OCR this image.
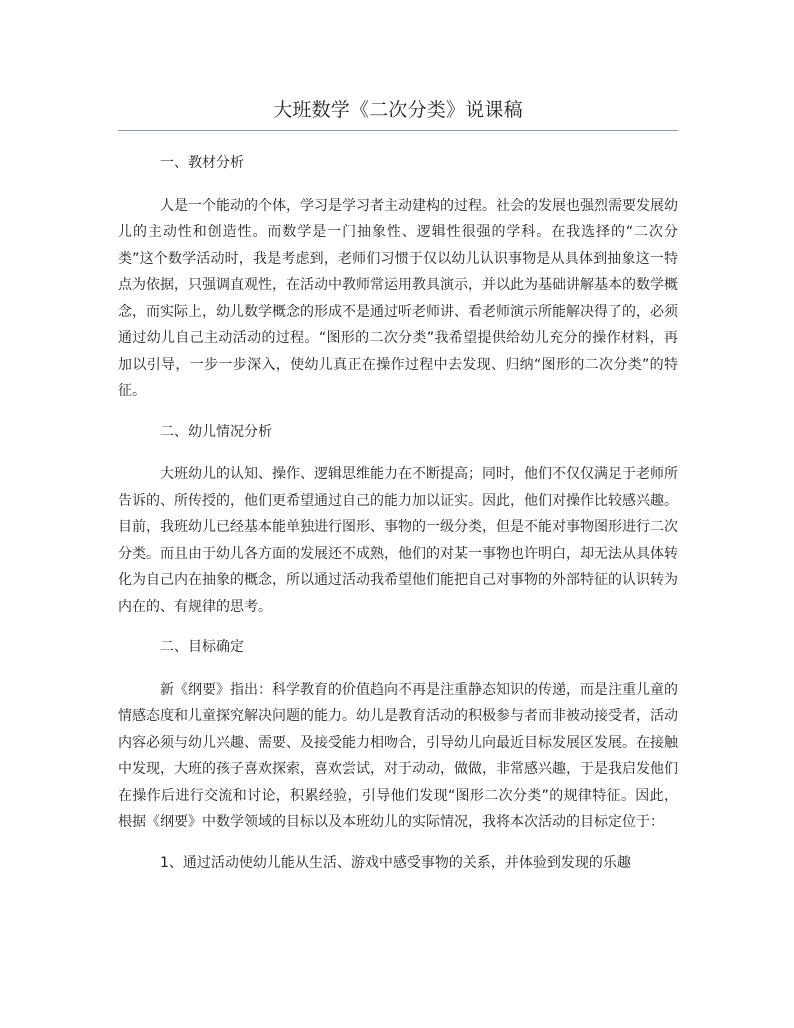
大班数学《二次分类》说课稿

一、教材分析

人是一个能动的个体，学习是学习者主动建构的过程。社会的发展也强烈需要发展幼儿的主动性和创造性。而数学是一门抽象性、逻辑性很强的学科。在我选择的“二次分类”这个数学活动时，我是考虑到，老师们习惯于仅以幼儿认识事物是从具体到抽象这一特点为依据，只强调直观性，在活动中教师常运用教具演示，并以此为基础讲解基本的数学概念，而实际上，幼儿数学概念的形成不是通过听老师讲、看老师演示所能解决得了的，必须通过幼儿自己主动活动的过程。“图形的二次分类”我希望提供给幼儿充分的操作材料，再加以引导，一步一步深入，使幼儿真正在操作过程中去发现、归纳“图形的二次分类”的特征。

二、幼儿情况分析

大班幼儿的认知、操作、逻辑思维能力在不断提高；同时，他们不仅仅满足于老师所告诉的、所传授的，他们更希望通过自己的能力加以证实。因此，他们对操作比较感兴趣。目前，我班幼儿已经基本能单独进行图形、事物的一级分类，但是不能对事物图形进行二次分类。而且由于幼儿各方面的发展还不成熟，他们的对某一事物也许明白，却无法从具体转化为自己内在抽象的概念，所以通过活动我希望他们能把自己对事物的外部特征的认识转为内在的、有规律的思考。

二、目标确定

新《纲要》指出：科学教育的价值趋向不再是注重静态知识的传递，而是注重儿童的情感态度和儿童探究解决问题的能力。幼儿是教育活动的积极参与者而非被动接受者，活动内容必须与幼儿兴趣、需要、及接受能力相吻合，引导幼儿向最近目标发展区发展。在接触中发现，大班的孩子喜欢探索，喜欢尝试，对于动动，做做，非常感兴趣，于是我启发他们在操作后进行交流和讨论，积累经验，引导他们发现“图形二次分类”的规律特征。因此，根据《纲要》中数学领域的目标以及本班幼儿的实际情况，我将本次活动的目标定位于：

1、通过活动使幼儿能从生活、游戏中感受事物的关系，并体验到发现的乐趣
